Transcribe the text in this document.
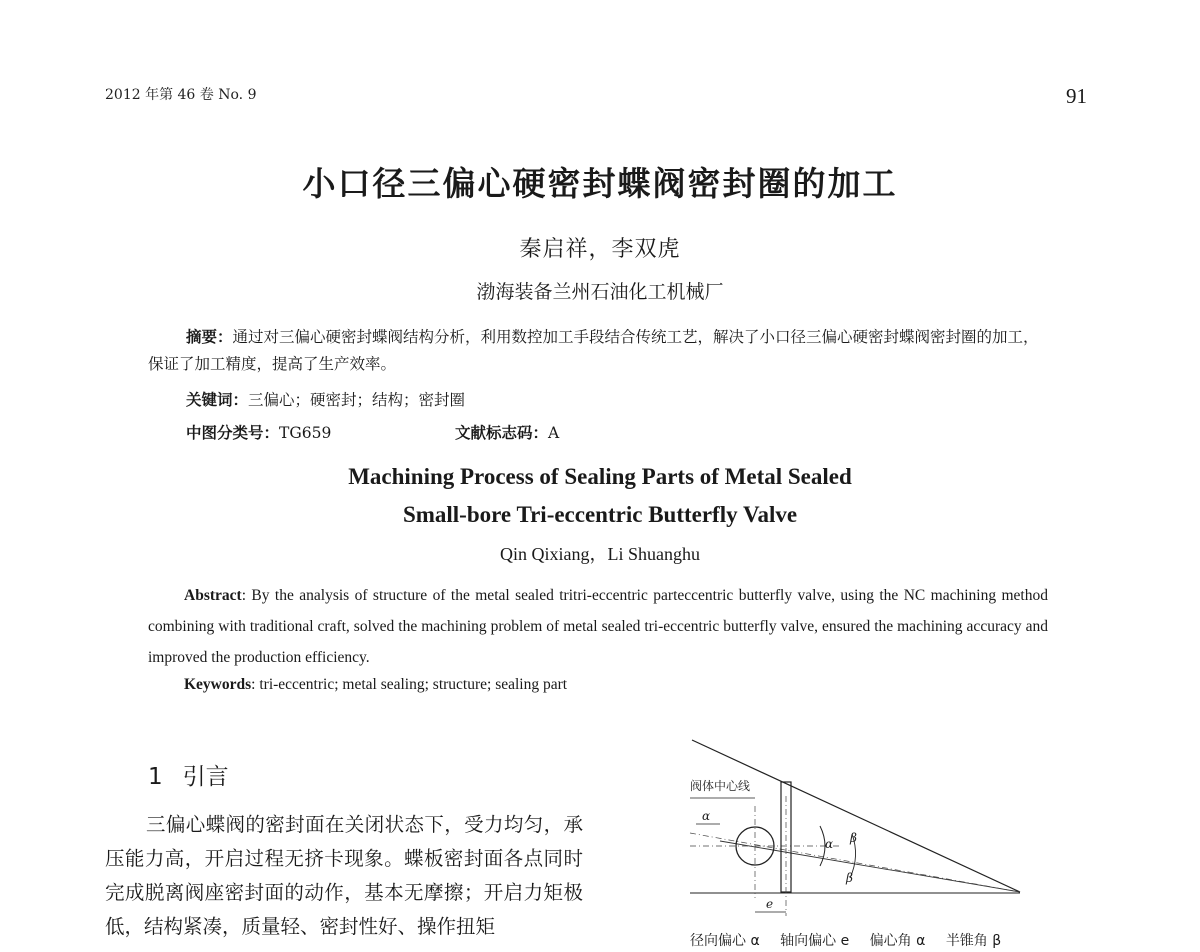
2012 年第 46 卷 No. 9	91
小口径三偏心硬密封蝶阀密封圈的加工
秦启祥，李双虎
渤海装备兰州石油化工机械厂
摘要：通过对三偏心硬密封蝶阀结构分析，利用数控加工手段结合传统工艺，解决了小口径三偏心硬密封蝶阀密封圈的加工，保证了加工精度，提高了生产效率。
关键词：三偏心；硬密封；结构；密封圈
中图分类号：TG659	文献标志码：A
Machining Process of Sealing Parts of Metal Sealed
Small-bore Tri-eccentric Butterfly Valve
Qin Qixiang，Li Shuanghu
Abstract: By the analysis of structure of the metal sealed tritri-eccentric parteccentric butterfly valve, using the NC machining method combining with traditional craft, solved the machining problem of metal sealed tri-eccentric butterfly valve, ensured the machining accuracy and improved the production efficiency.
Keywords: tri-eccentric; metal sealing; structure; sealing part
1 引言
三偏心蝶阀的密封面在关闭状态下，受力均匀，承压能力高，开启过程无挤卡现象。蝶板密封面各点同时完成脱离阀座密封面的动作，基本无摩擦；开启力矩极低，结构紧凑，质量轻、密封性好、操作扭矩
阀体中心线
α
α β
β
e
径向偏心 α 轴向偏心 e 偏心角 α 半锥角 β
